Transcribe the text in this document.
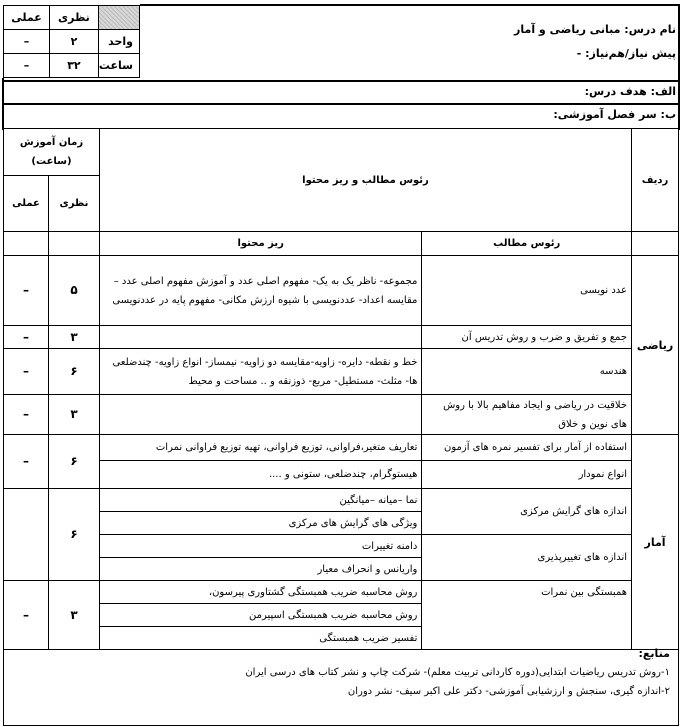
	نظری	عملی
واحد	۲	–
ساعت	۳۲	–
نام درس: مبانی ریاضی و آمار
پیش نیاز/هم‌نیاز: -
الف: هدف درس:
ب: سر فصل آموزشی:
ردیف	رئوس مطالب و ریز محتوا		زمان آموزش (ساعت)	
			نظری	عملی
	رئوس مطالب	ریز محتوا		
ریاضی	عدد نویسی	مجموعه- ناظر یک به یک- مفهوم اصلی عدد و آموزش مفهوم اصلی عدد – مقایسه اعداد- عددنویسی با شیوه ارزش مکانی- مفهوم پایه در عددنویسی	۵	–
	جمع و تفریق و ضرب و روش تدریس آن		۳	–
	هندسه	خط و نقطه- دایره- زاویه-مقایسه دو زاویه- نیمساز- انواع زاویه- چندضلعی ها- مثلث- مستطیل- مربع- ذوزنقه و .. مساحت و محیط	۶	–
	خلاقیت در ریاضی و ایجاد مفاهیم بالا با روش های نوین و خلاق		۳	–
آمار	استفاده از آمار برای تفسیر نمره های آزمون	تعاریف متغیر،فراوانی، توزیع فراوانی، تهیه توزیع فراوانی نمرات	۶	–
	انواع نمودار	هیستوگرام، چندضلعی، ستونی و ....		
	اندازه های گرایش مرکزی	نما –میانه –میانگین	۶	
		ویژگی های گرایش های مرکزی		
	اندازه های تغییرپذیری	دامنه تغییرات		
		واریانس و انحراف معیار		
	همبستگی بین نمرات	روش محاسبه ضریب همبستگی گشتاوری پیرسون،	۳	–
		روش محاسبه ضریب همبستگی اسپیرمن		
		تفسیر ضریب همبستگی		
منابع:
۱-روش تدریس ریاضیات ابتدایی(دوره کاردانی تربیت معلم)- شرکت چاپ و نشر کتاب های درسی ایران
۲-اندازه گیری، سنجش و ارزشیابی آموزشی- دکتر علی اکبر سیف- نشر دوران
